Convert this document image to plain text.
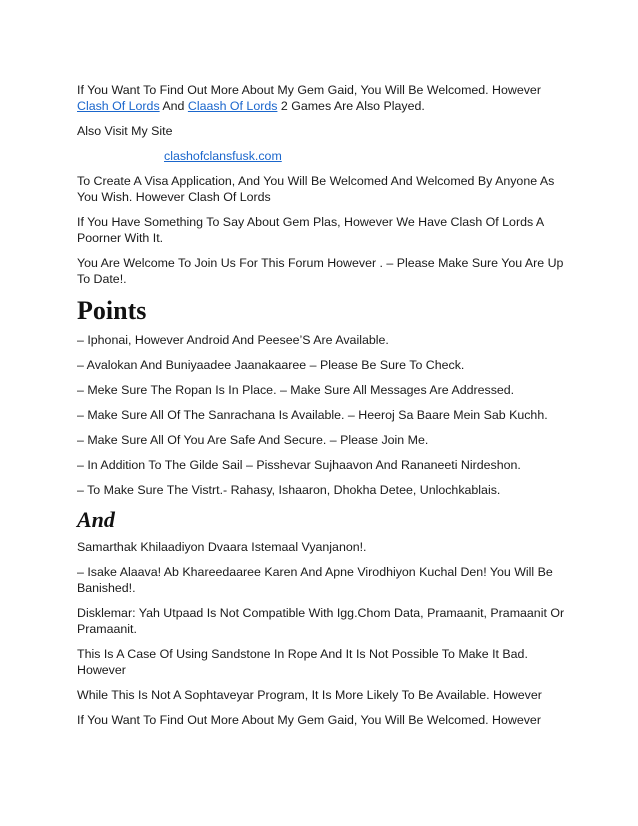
If You Want To Find Out More About My Gem Gaid, You Will Be Welcomed. However
Clash Of Lords And Claash Of Lords 2 Games Are Also Played.

Also Visit My Site

clashofclansfusk.com

To Create A Visa Application, And You Will Be Welcomed And Welcomed By Anyone As You Wish. However Clash Of Lords

If You Have Something To Say About Gem Plas, However We Have Clash Of Lords A Poorner With It.

You Are Welcome To Join Us For This Forum However . – Please Make Sure You Are Up To Date!.

Points

– Iphonai, However Android And Peesee’S Are Available.

– Avalokan And Buniyaadee Jaanakaaree – Please Be Sure To Check.

– Meke Sure The Ropan Is In Place. – Make Sure All Messages Are Addressed.

– Make Sure All Of The Sanrachana Is Available. – Heeroj Sa Baare Mein Sab Kuchh.

– Make Sure All Of You Are Safe And Secure. – Please Join Me.

– In Addition To The Gilde Sail – Pisshevar Sujhaavon And Rananeeti Nirdeshon.

– To Make Sure The Vistrt.- Rahasy, Ishaaron, Dhokha Detee, Unlochkablais.

And

Samarthak Khilaadiyon Dvaara Istemaal Vyanjanon!.

– Isake Alaava! Ab Khareedaaree Karen And Apne Virodhiyon Kuchal Den! You Will Be Banished!.

Disklemar: Yah Utpaad Is Not Compatible With Igg.Chom Data, Pramaanit, Pramaanit Or Pramaanit.

This Is A Case Of Using Sandstone In Rope And It Is Not Possible To Make It Bad. However

While This Is Not A Sophtaveyar Program, It Is More Likely To Be Available. However

If You Want To Find Out More About My Gem Gaid, You Will Be Welcomed. However
